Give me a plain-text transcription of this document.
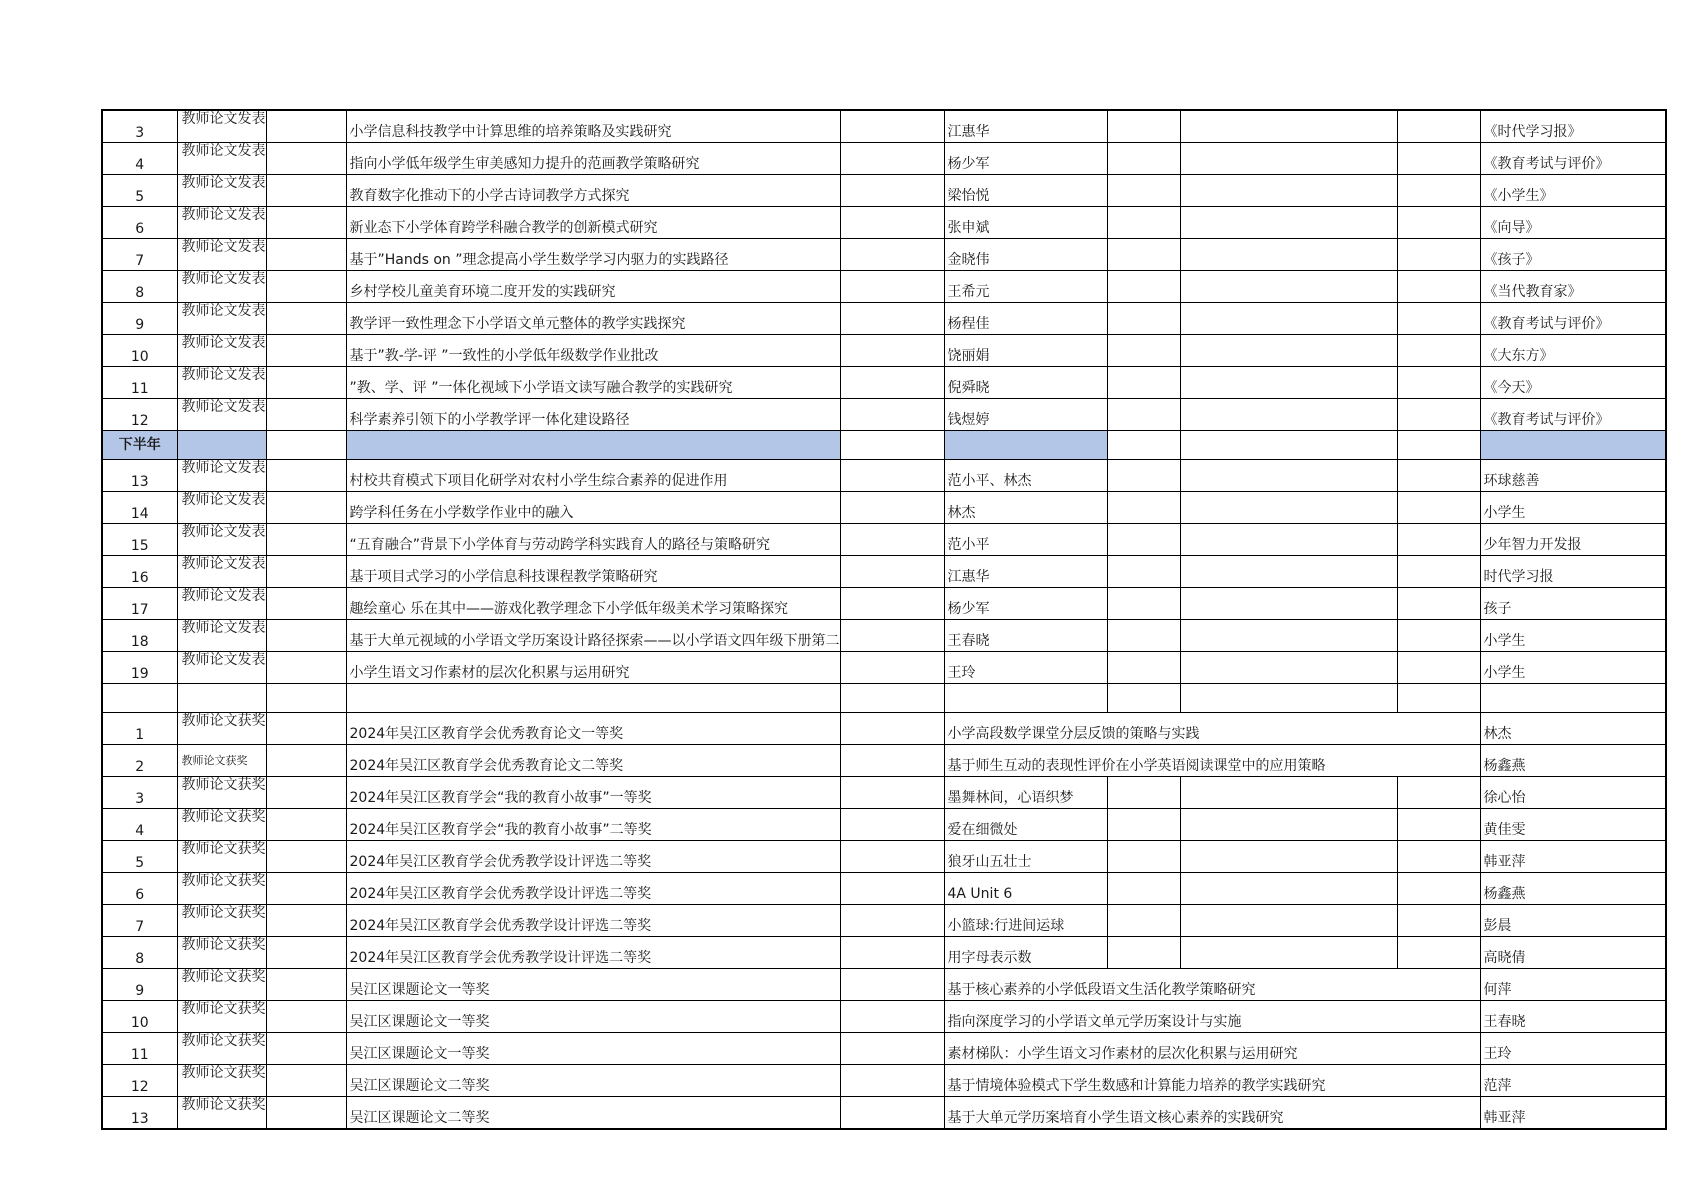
3	教师论文发表		小学信息科技教学中计算思维的培养策略及实践研究		江惠华				《时代学习报》
4	教师论文发表		指向小学低年级学生审美感知力提升的范画教学策略研究		杨少军				《教育考试与评价》
5	教师论文发表		教育数字化推动下的小学古诗词教学方式探究		梁怡悦				《小学生》
6	教师论文发表		新业态下小学体育跨学科融合教学的创新模式研究		张申斌				《向导》
7	教师论文发表		基于”Hands on ”理念提高小学生数学学习内驱力的实践路径		金晓伟				《孩子》
8	教师论文发表		乡村学校儿童美育环境二度开发的实践研究		王希元				《当代教育家》
9	教师论文发表		教学评一致性理念下小学语文单元整体的教学实践探究		杨程佳				《教育考试与评价》
10	教师论文发表		基于”教-学-评 ”一致性的小学低年级数学作业批改		饶丽娟				《大东方》
11	教师论文发表		”教、学、评 ”一体化视域下小学语文读写融合教学的实践研究		倪舜晓				《今天》
12	教师论文发表		科学素养引领下的小学教学评一体化建设路径		钱煜婷				《教育考试与评价》
下半年									
13	教师论文发表		村校共育模式下项目化研学对农村小学生综合素养的促进作用		范小平、林杰				环球慈善
14	教师论文发表		跨学科任务在小学数学作业中的融入		林杰				小学生
15	教师论文发表		“五育融合”背景下小学体育与劳动跨学科实践育人的路径与策略研究		范小平				少年智力开发报
16	教师论文发表		基于项目式学习的小学信息科技课程教学策略研究		江惠华				时代学习报
17	教师论文发表		趣绘童心 乐在其中——游戏化教学理念下小学低年级美术学习策略探究		杨少军				孩子
18	教师论文发表		基于大单元视域的小学语文学历案设计路径探索——以小学语文四年级下册第二		王春晓				小学生
19	教师论文发表		小学生语文习作素材的层次化积累与运用研究		王玲				小学生

1	教师论文获奖		2024年吴江区教育学会优秀教育论文一等奖		小学高段数学课堂分层反馈的策略与实践				林杰
2	教师论文获奖		2024年吴江区教育学会优秀教育论文二等奖		基于师生互动的表现性评价在小学英语阅读课堂中的应用策略				杨鑫燕
3	教师论文获奖		2024年吴江区教育学会“我的教育小故事”一等奖		墨舞林间，心语织梦				徐心怡
4	教师论文获奖		2024年吴江区教育学会“我的教育小故事”二等奖		爱在细微处				黄佳雯
5	教师论文获奖		2024年吴江区教育学会优秀教学设计评选二等奖		狼牙山五壮士				韩亚萍
6	教师论文获奖		2024年吴江区教育学会优秀教学设计评选二等奖		4A Unit 6				杨鑫燕
7	教师论文获奖		2024年吴江区教育学会优秀教学设计评选二等奖		小篮球:行进间运球				彭晨
8	教师论文获奖		2024年吴江区教育学会优秀教学设计评选二等奖		用字母表示数				高晓倩
9	教师论文获奖		吴江区课题论文一等奖		基于核心素养的小学低段语文生活化教学策略研究				何萍
10	教师论文获奖		吴江区课题论文一等奖		指向深度学习的小学语文单元学历案设计与实施				王春晓
11	教师论文获奖		吴江区课题论文一等奖		素材梯队：小学生语文习作素材的层次化积累与运用研究				王玲
12	教师论文获奖		吴江区课题论文二等奖		基于情境体验模式下学生数感和计算能力培养的教学实践研究				范萍
13	教师论文获奖		吴江区课题论文二等奖		基于大单元学历案培育小学生语文核心素养的实践研究				韩亚萍
